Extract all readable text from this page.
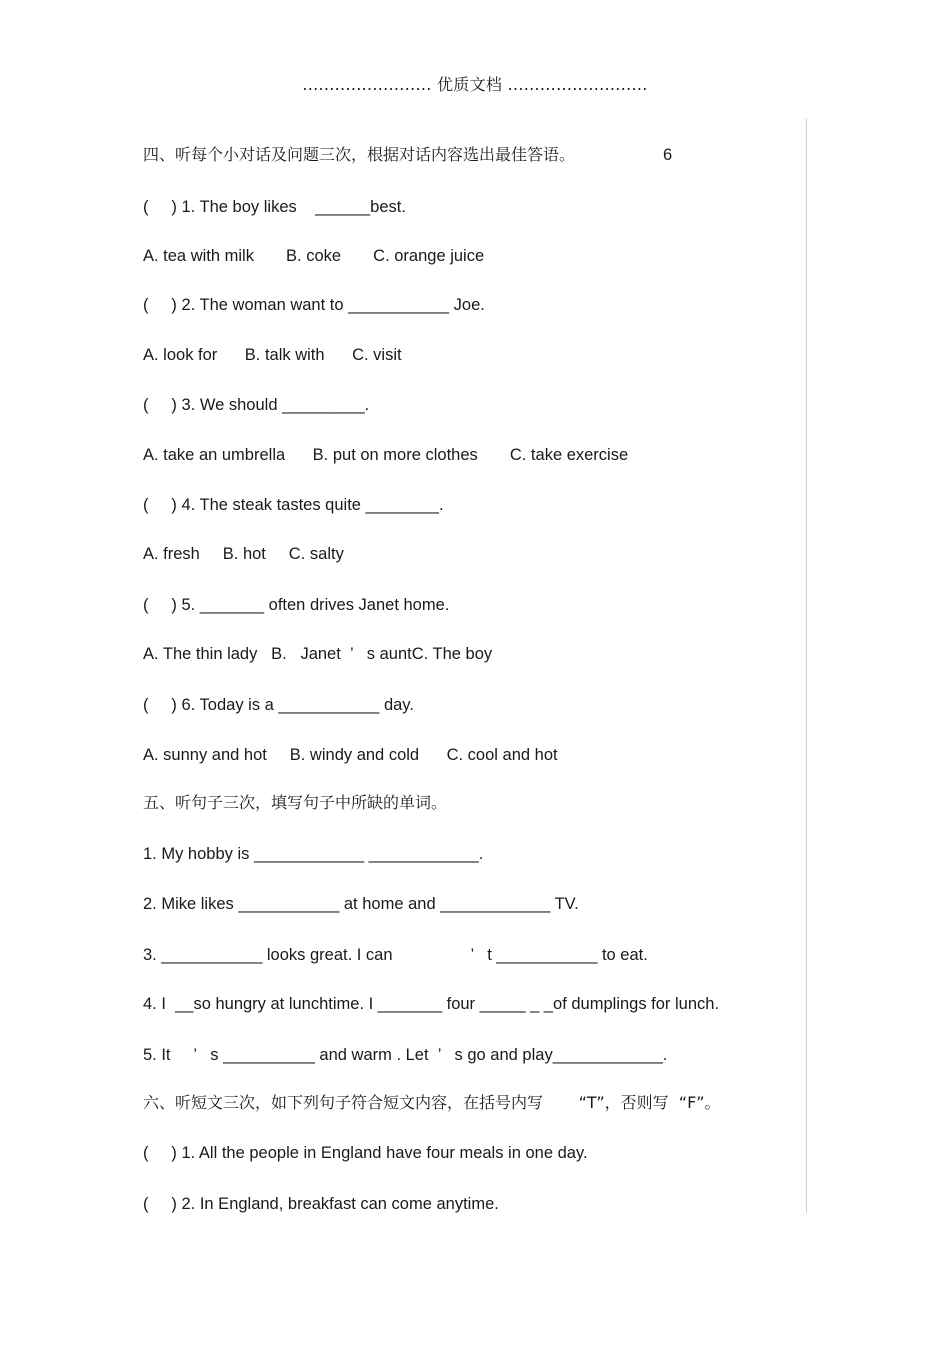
........................ 优质文档 ..........................
四、听每个小对话及问题三次，根据对话内容选出最佳答语。	6
(     ) 1. The boy likes    ______best.
A. tea with milk       B. coke       C. orange juice
(     ) 2. The woman want to ___________ Joe.
A. look for      B. talk with      C. visit
(     ) 3. We should _________.
A. take an umbrella      B. put on more clothes       C. take exercise
(     ) 4. The steak tastes quite ________.
A. fresh     B. hot     C. salty
(     ) 5. _______ often drives Janet home.
A. The thin lady   B.   Janet  ’   s auntC. The boy
(     ) 6. Today is a ___________ day.
A. sunny and hot     B. windy and cold      C. cool and hot
五、听句子三次，填写句子中所缺的单词。
1. My hobby is ____________ ____________.
2. Mike likes ___________ at home and ____________ TV.
3. ___________ looks great. I can                 ’   t ___________ to eat.
4. I  __so hungry at lunchtime. I _______ four _____ _ _of dumplings for lunch.
5. It     ’   s __________ and warm . Let  ’   s go and play____________.
六、听短文三次，如下列句子符合短文内容，在括号内写       “T”，否则写  “F”。
(     ) 1. All the people in England have four meals in one day.
(     ) 2. In England, breakfast can come anytime.
